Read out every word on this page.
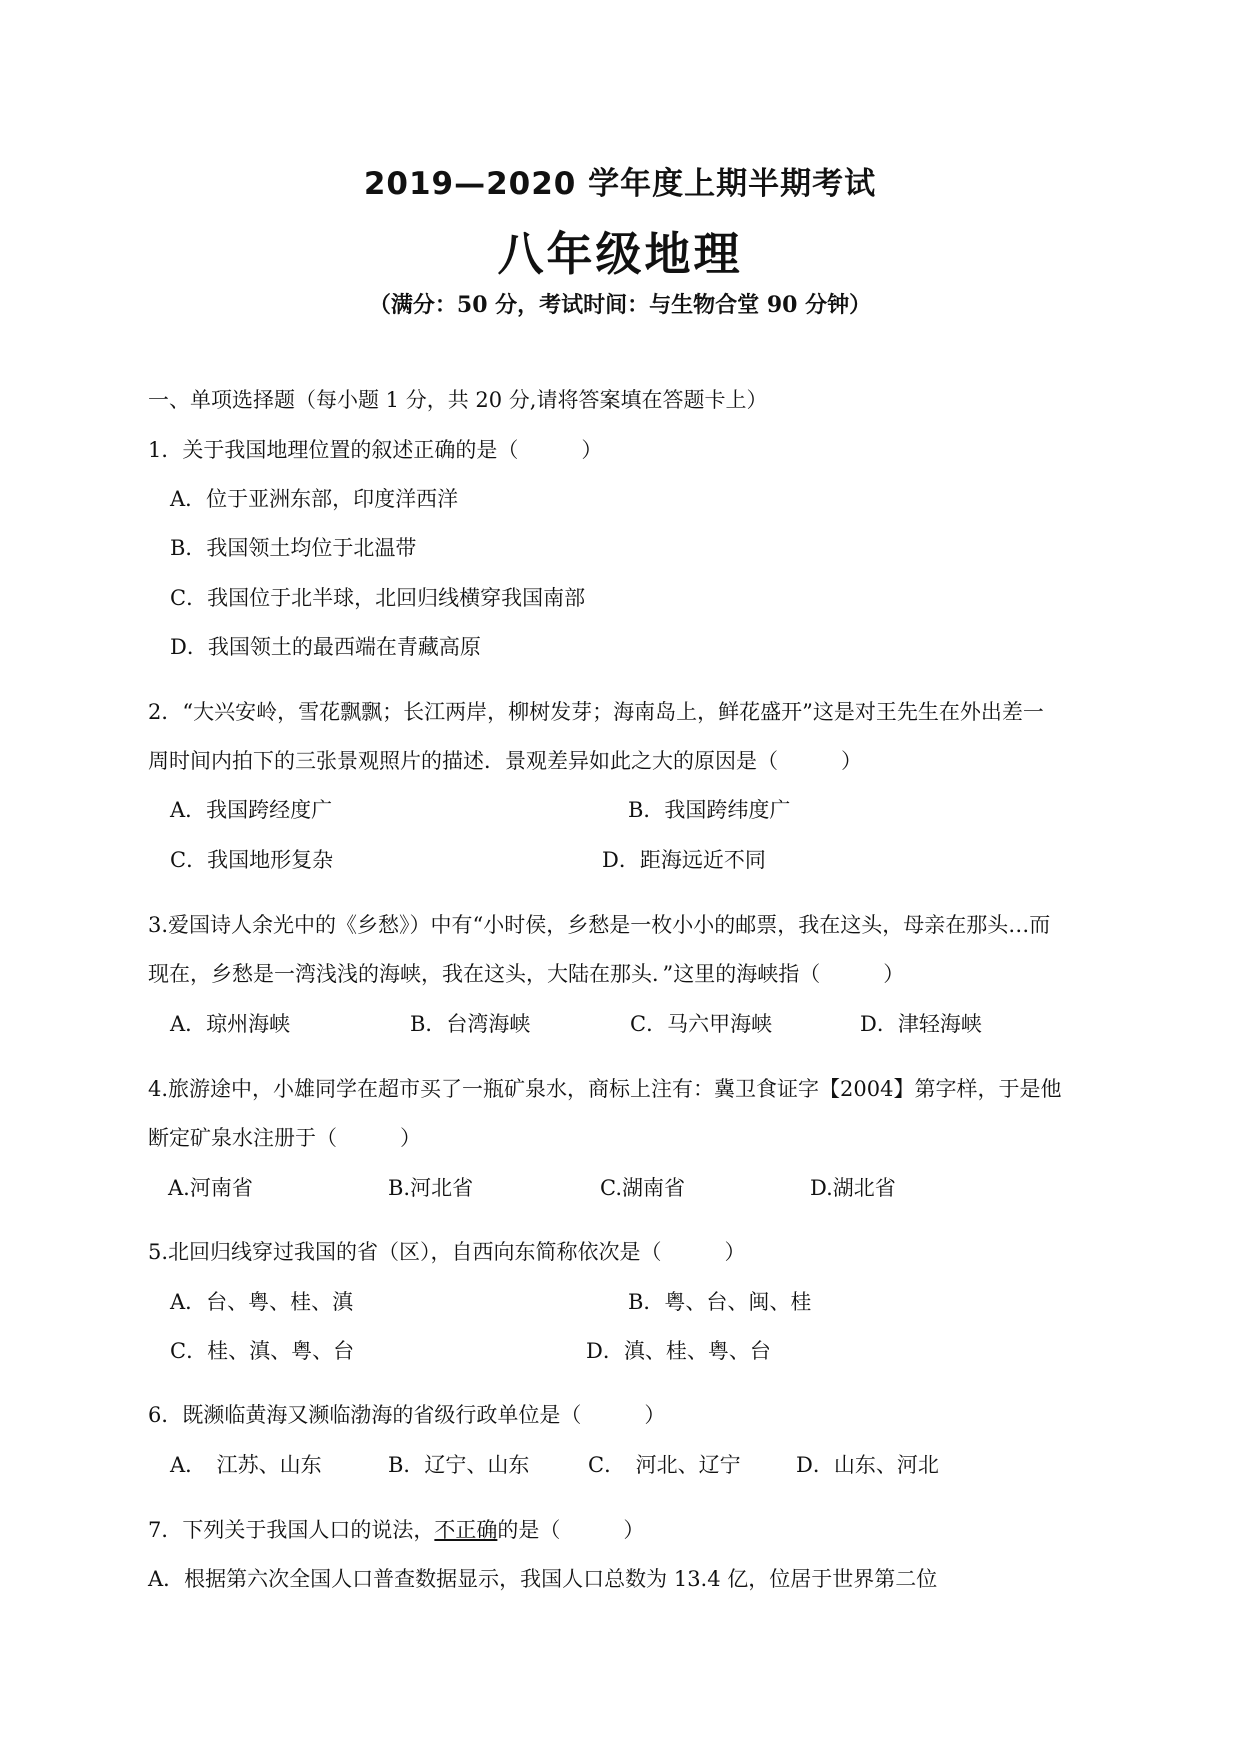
2019—2020 学年度上期半期考试
八年级地理
（满分：50 分，考试时间：与生物合堂 90 分钟）
一、单项选择题（每小题 1 分，共 20 分,请将答案填在答题卡上）
1．关于我国地理位置的叙述正确的是（　　　）
A．位于亚洲东部，印度洋西洋
B．我国领土均位于北温带
C．我国位于北半球，北回归线横穿我国南部
D．我国领土的最西端在青藏高原
2．“大兴安岭，雪花飘飘；长江两岸，柳树发芽；海南岛上，鲜花盛开”这是对王先生在外出差一
周时间内拍下的三张景观照片的描述．景观差异如此之大的原因是（　　　）
A．我国跨经度广	B．我国跨纬度广
C．我国地形复杂	D．距海远近不同
3.爱国诗人余光中的《乡愁》）中有“小时侯，乡愁是一枚小小的邮票，我在这头，母亲在那头…而
现在，乡愁是一湾浅浅的海峡，我在这头，大陆在那头．”这里的海峡指（　　　）
A．琼州海峡	B．台湾海峡	C．马六甲海峡	D．津轻海峡
4.旅游途中，小雄同学在超市买了一瓶矿泉水，商标上注有：冀卫食证字【2004】第字样，于是他
断定矿泉水注册于（　　　）
A.河南省	B.河北省	C.湖南省	D.湖北省
5.北回归线穿过我国的省（区），自西向东简称依次是（　　　）
A．台、粤、桂、滇	B．粤、台、闽、桂
C．桂、滇、粤、台	D．滇、桂、粤、台
6．既濒临黄海又濒临渤海的省级行政单位是（　　　）
A．　江苏、山东	B．辽宁、山东	C．　河北、辽宁	D．山东、河北
7．下列关于我国人口的说法，不正确的是（　　　）
A．根据第六次全国人口普查数据显示，我国人口总数为 13.4 亿，位居于世界第二位
